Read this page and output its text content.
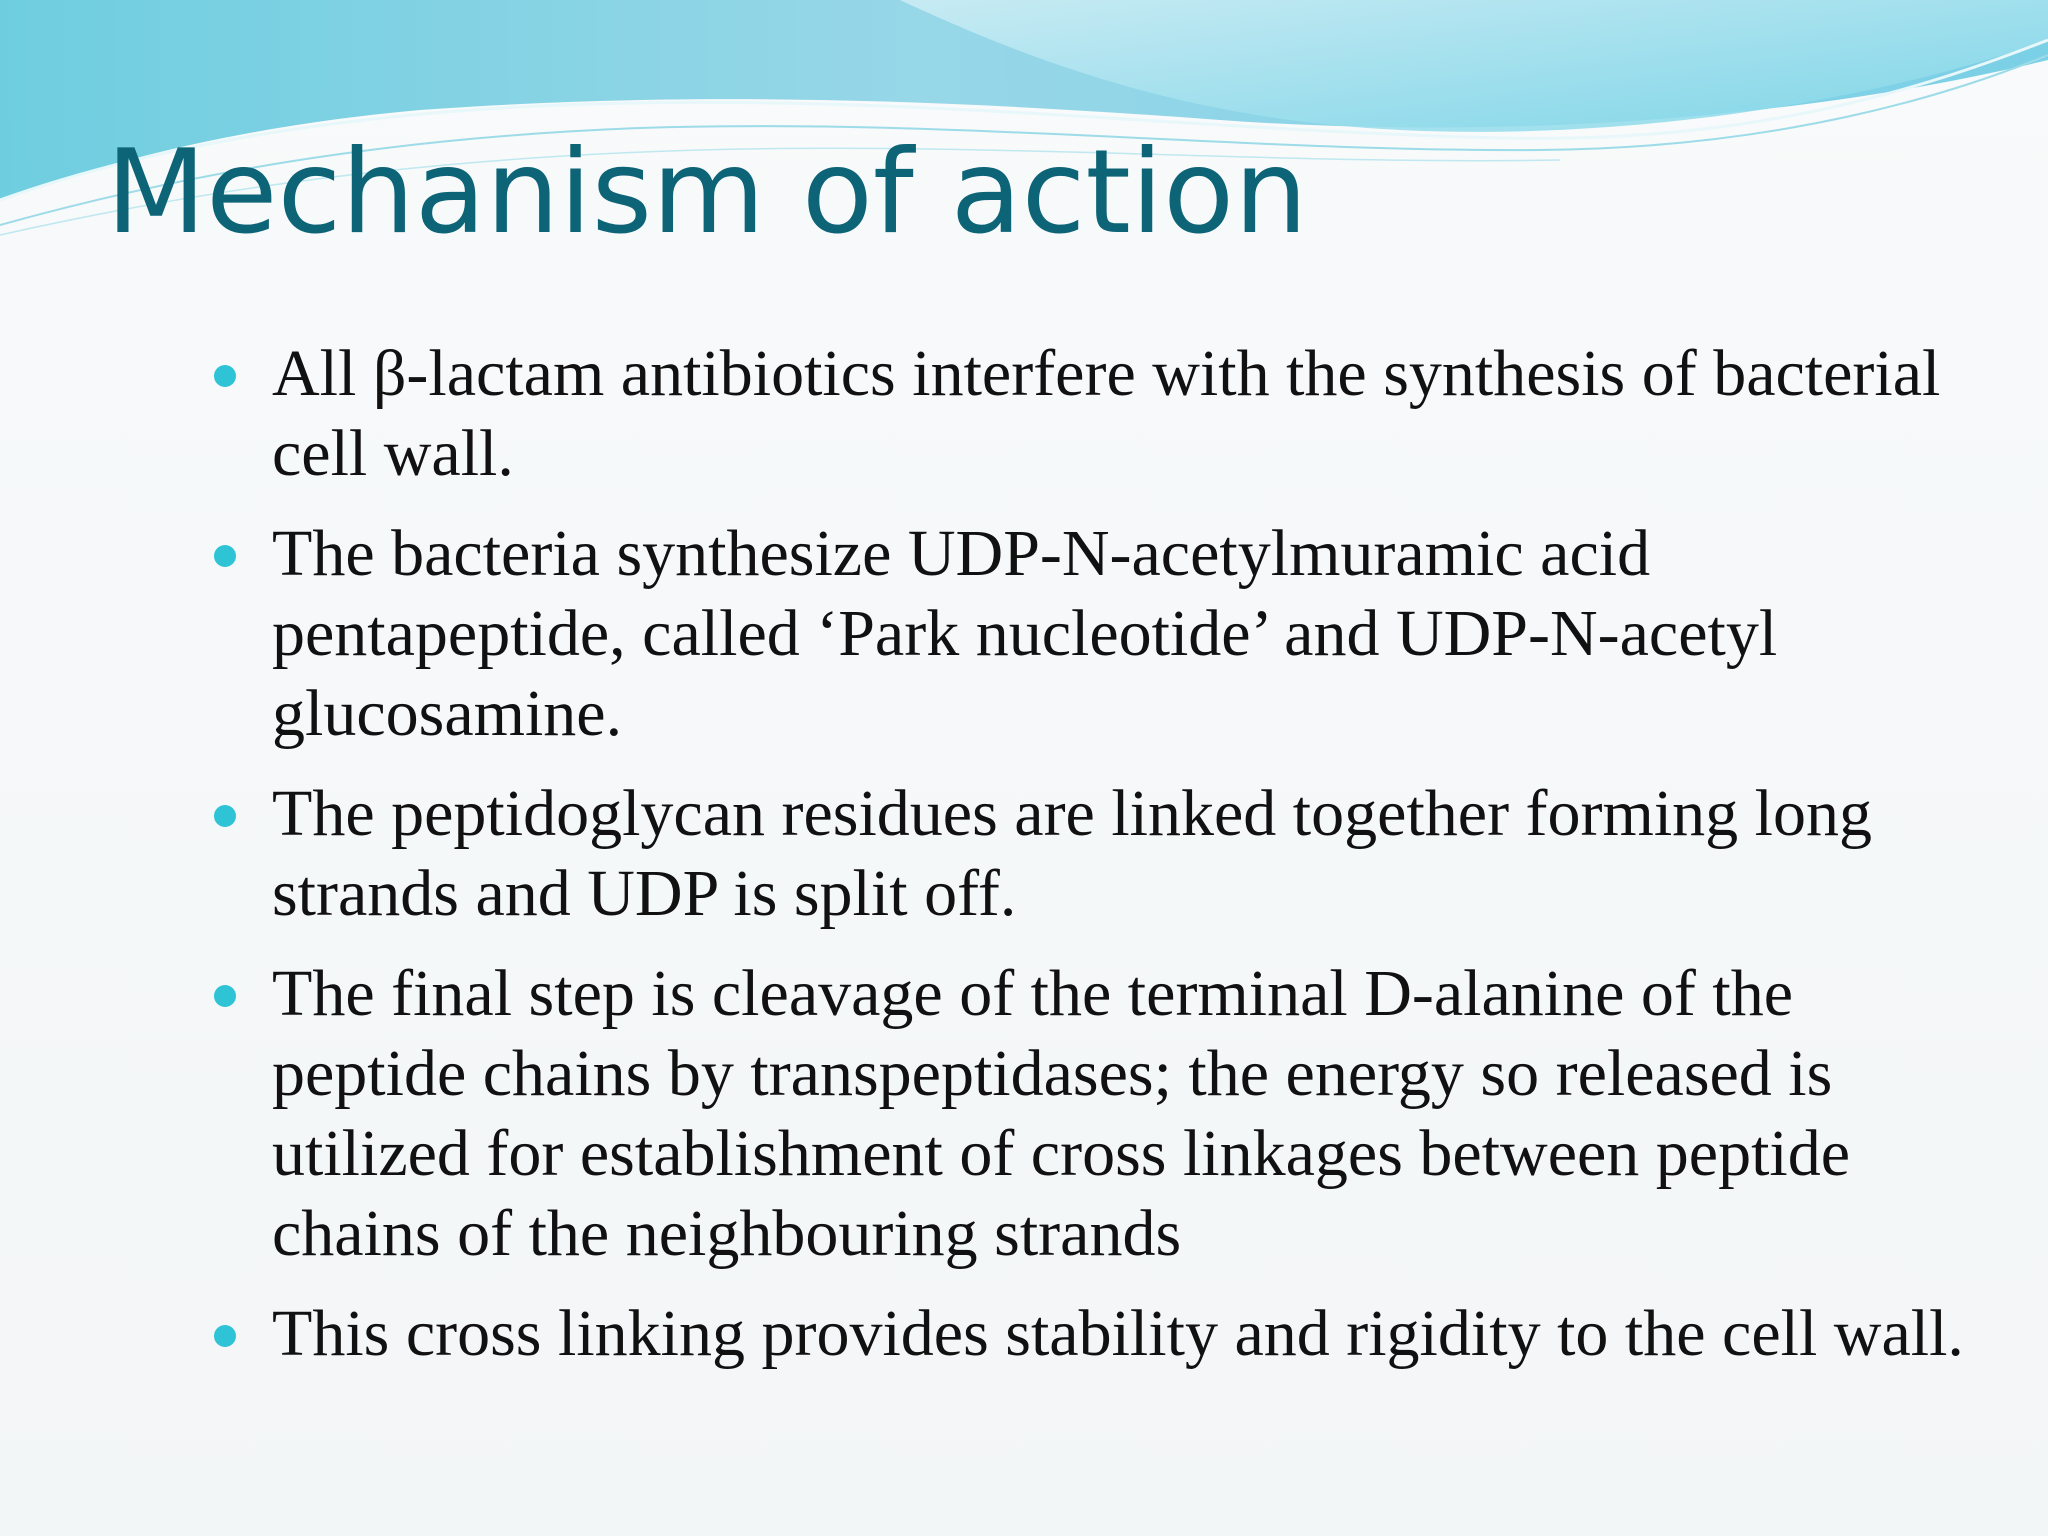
Mechanism of action
All β-lactam antibiotics interfere with the synthesis of bacterial cell wall.
The bacteria synthesize UDP-N-acetylmuramic acid pentapeptide, called ‘Park nucleotide’ and UDP-N-acetyl glucosamine.
The peptidoglycan residues are linked together forming long strands and UDP is split off.
The final step is cleavage of the terminal D-alanine of the peptide chains by transpeptidases; the energy so released is utilized for establishment of cross linkages between peptide chains of the neighbouring strands
This cross linking provides stability and rigidity to the cell wall.
